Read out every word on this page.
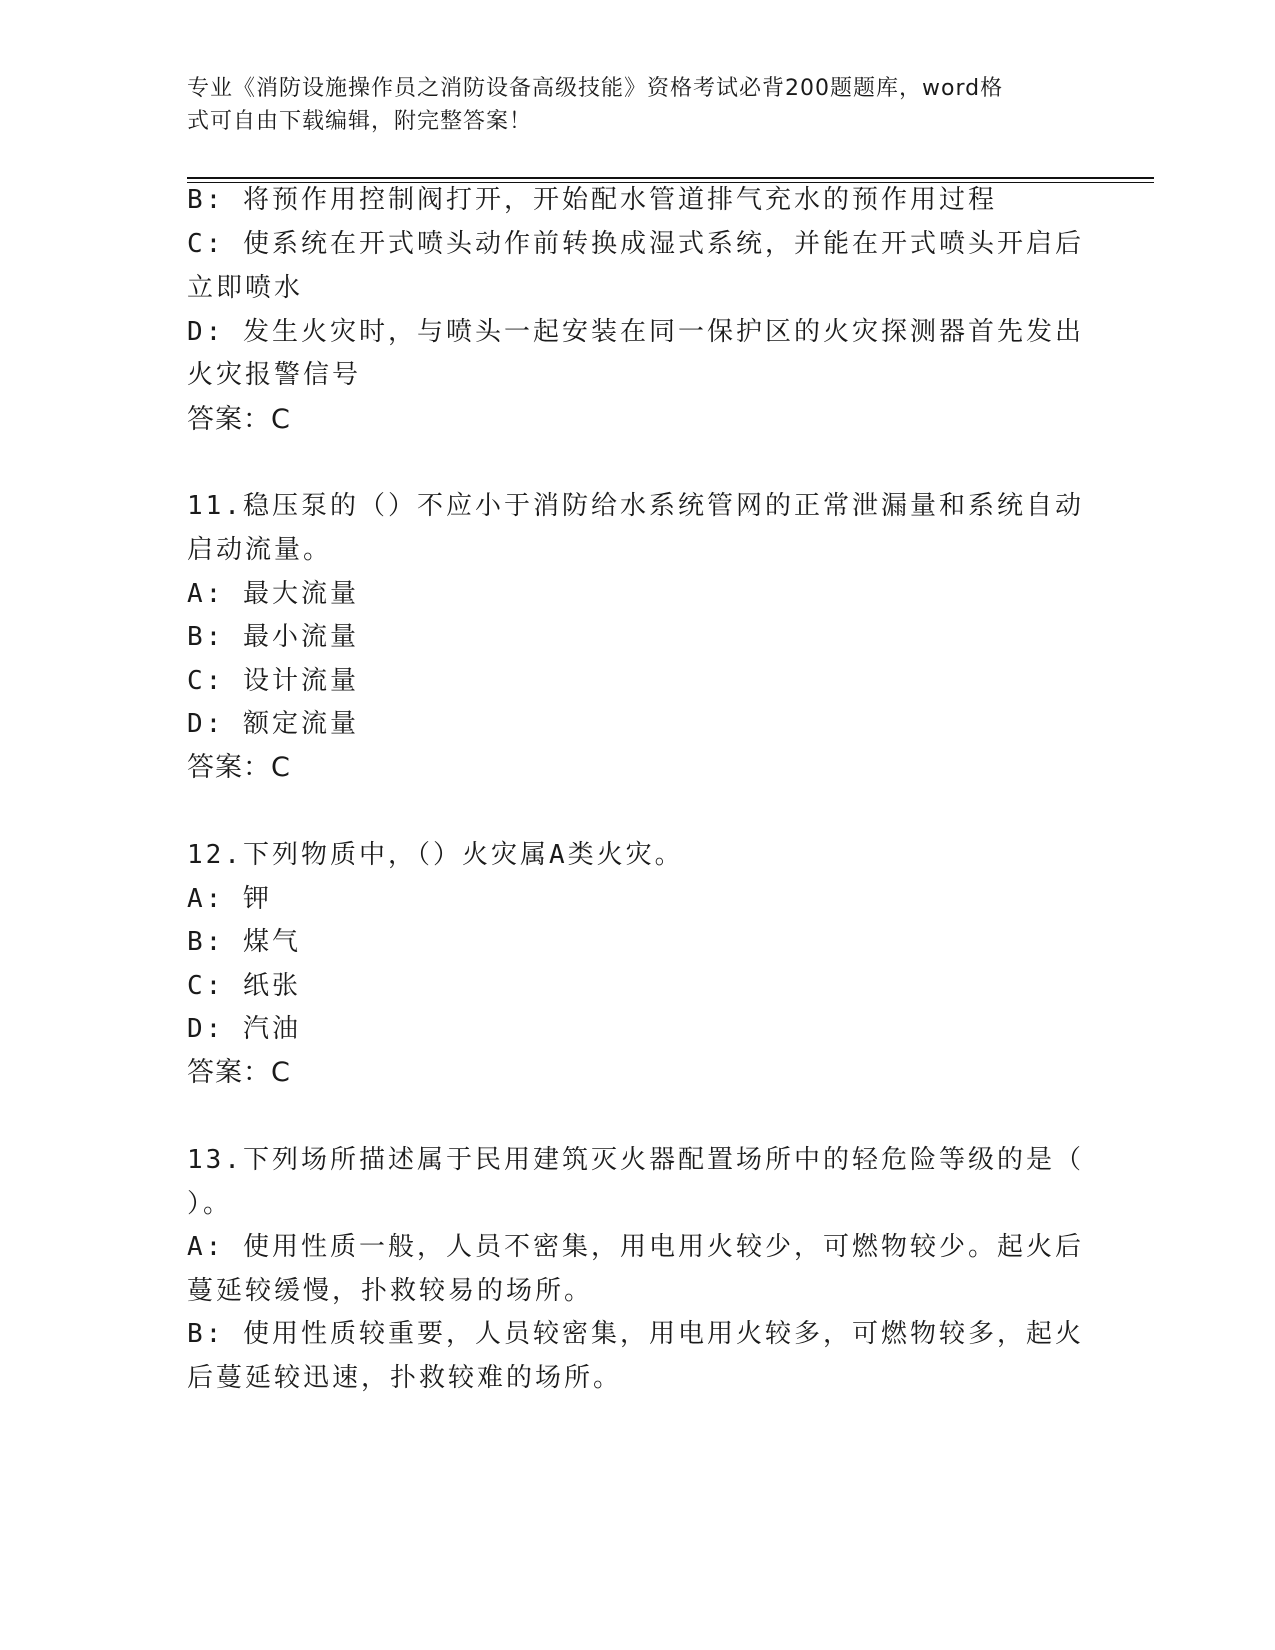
专业《消防设施操作员之消防设备高级技能》资格考试必背200题题库，word格
式可自由下载编辑，附完整答案！
B: 将预作用控制阀打开，开始配水管道排气充水的预作用过程
C: 使系统在开式喷头动作前转换成湿式系统，并能在开式喷头开启后
立即喷水
D: 发生火灾时，与喷头一起安装在同一保护区的火灾探测器首先发出
火灾报警信号
答案：C
11.稳压泵的（）不应小于消防给水系统管网的正常泄漏量和系统自动
启动流量。
A: 最大流量
B: 最小流量
C: 设计流量
D: 额定流量
答案：C
12.下列物质中，（）火灾属A类火灾。
A: 钾
B: 煤气
C: 纸张
D: 汽油
答案：C
13.下列场所描述属于民用建筑灭火器配置场所中的轻危险等级的是（
）。
A: 使用性质一般，人员不密集，用电用火较少，可燃物较少。起火后
蔓延较缓慢，扑救较易的场所。
B: 使用性质较重要，人员较密集，用电用火较多，可燃物较多，起火
后蔓延较迅速，扑救较难的场所。
